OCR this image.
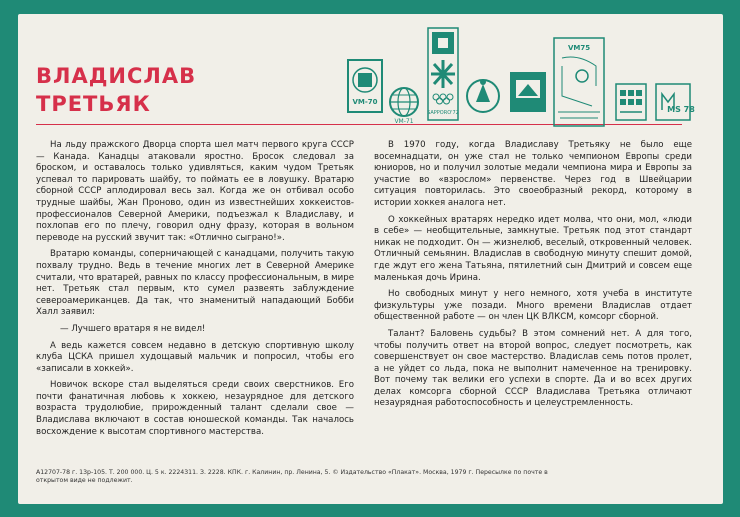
ВЛАДИСЛАВ
ТРЕТЬЯК	VM-70
VM-71
SAPPORO'72
VM75
MS 78

На льду пражского Дворца спорта шел матч первого круга СССР — Канада. Канадцы атаковали яростно. Бросок следовал за броском, и оставалось только удивляться, каким чудом Третьяк успевал то парировать шайбу, то поймать ее в ловушку. Вратарю сборной СССР аплодировал весь зал. Когда же он отбивал особо трудные шайбы, Жан Проново, один из известнейших хоккеистов-профессионалов Северной Америки, подъезжал к Владиславу, и похлопав его по плечу, говорил одну фразу, которая в вольном переводе на русский звучит так: «Отлично сыграно!».

Вратарю команды, соперничающей с канадцами, получить такую похвалу трудно. Ведь в течение многих лет в Северной Америке считали, что вратарей, равных по классу профессиональным, в мире нет. Третьяк стал первым, кто сумел развеять заблуждение североамериканцев. Да так, что знаменитый нападающий Бобби Халл заявил:

— Лучшего вратаря я не видел!

А ведь кажется совсем недавно в детскую спортивную школу клуба ЦСКА пришел худощавый мальчик и попросил, чтобы его «записали в хоккей».

Новичок вскоре стал выделяться среди своих сверстников. Его почти фанатичная любовь к хоккею, незаурядное для детского возраста трудолюбие, прирожденный талант сделали свое — Владислава включают в состав юношеской команды. Так началось восхождение к высотам спортивного мастерства.

В 1970 году, когда Владиславу Третьяку не было еще восемнадцати, он уже стал не только чемпионом Европы среди юниоров, но и получил золотые медали чемпиона мира и Европы за участие во «взрослом» первенстве. Через год в Швейцарии ситуация повторилась. Это своеобразный рекорд, которому в истории хоккея аналога нет.

О хоккейных вратарях нередко идет молва, что они, мол, «люди в себе» — необщительные, замкнутые. Третьяк под этот стандарт никак не подходит. Он — жизнелюб, веселый, откровенный человек. Отличный семьянин. Владислав в свободную минуту спешит домой, где ждут его жена Татьяна, пятилетний сын Дмитрий и совсем еще маленькая дочь Ирина.

Но свободных минут у него немного, хотя учеба в институте физкультуры уже позади. Много времени Владислав отдает общественной работе — он член ЦК ВЛКСМ, комсорг сборной.

Талант? Баловень судьбы? В этом сомнений нет. А для того, чтобы получить ответ на второй вопрос, следует посмотреть, как совершенствует он свое мастерство. Владислав семь потов пролет, а не уйдет со льда, пока не выполнит намеченное на тренировку. Вот почему так велики его успехи в спорте. Да и во всех других делах комсорга сборной СССР Владислава Третьяка отличают незаурядная работоспособность и целеустремленность.

А12707-78 г. 13р-105. Т. 200 000. Ц. 5 к. 2224311. З. 2228. КПК. г. Калинин, пр. Ленина, 5. © Издательство «Плакат». Москва, 1979 г. Пересылке по почте в
открытом виде не подлежит.
